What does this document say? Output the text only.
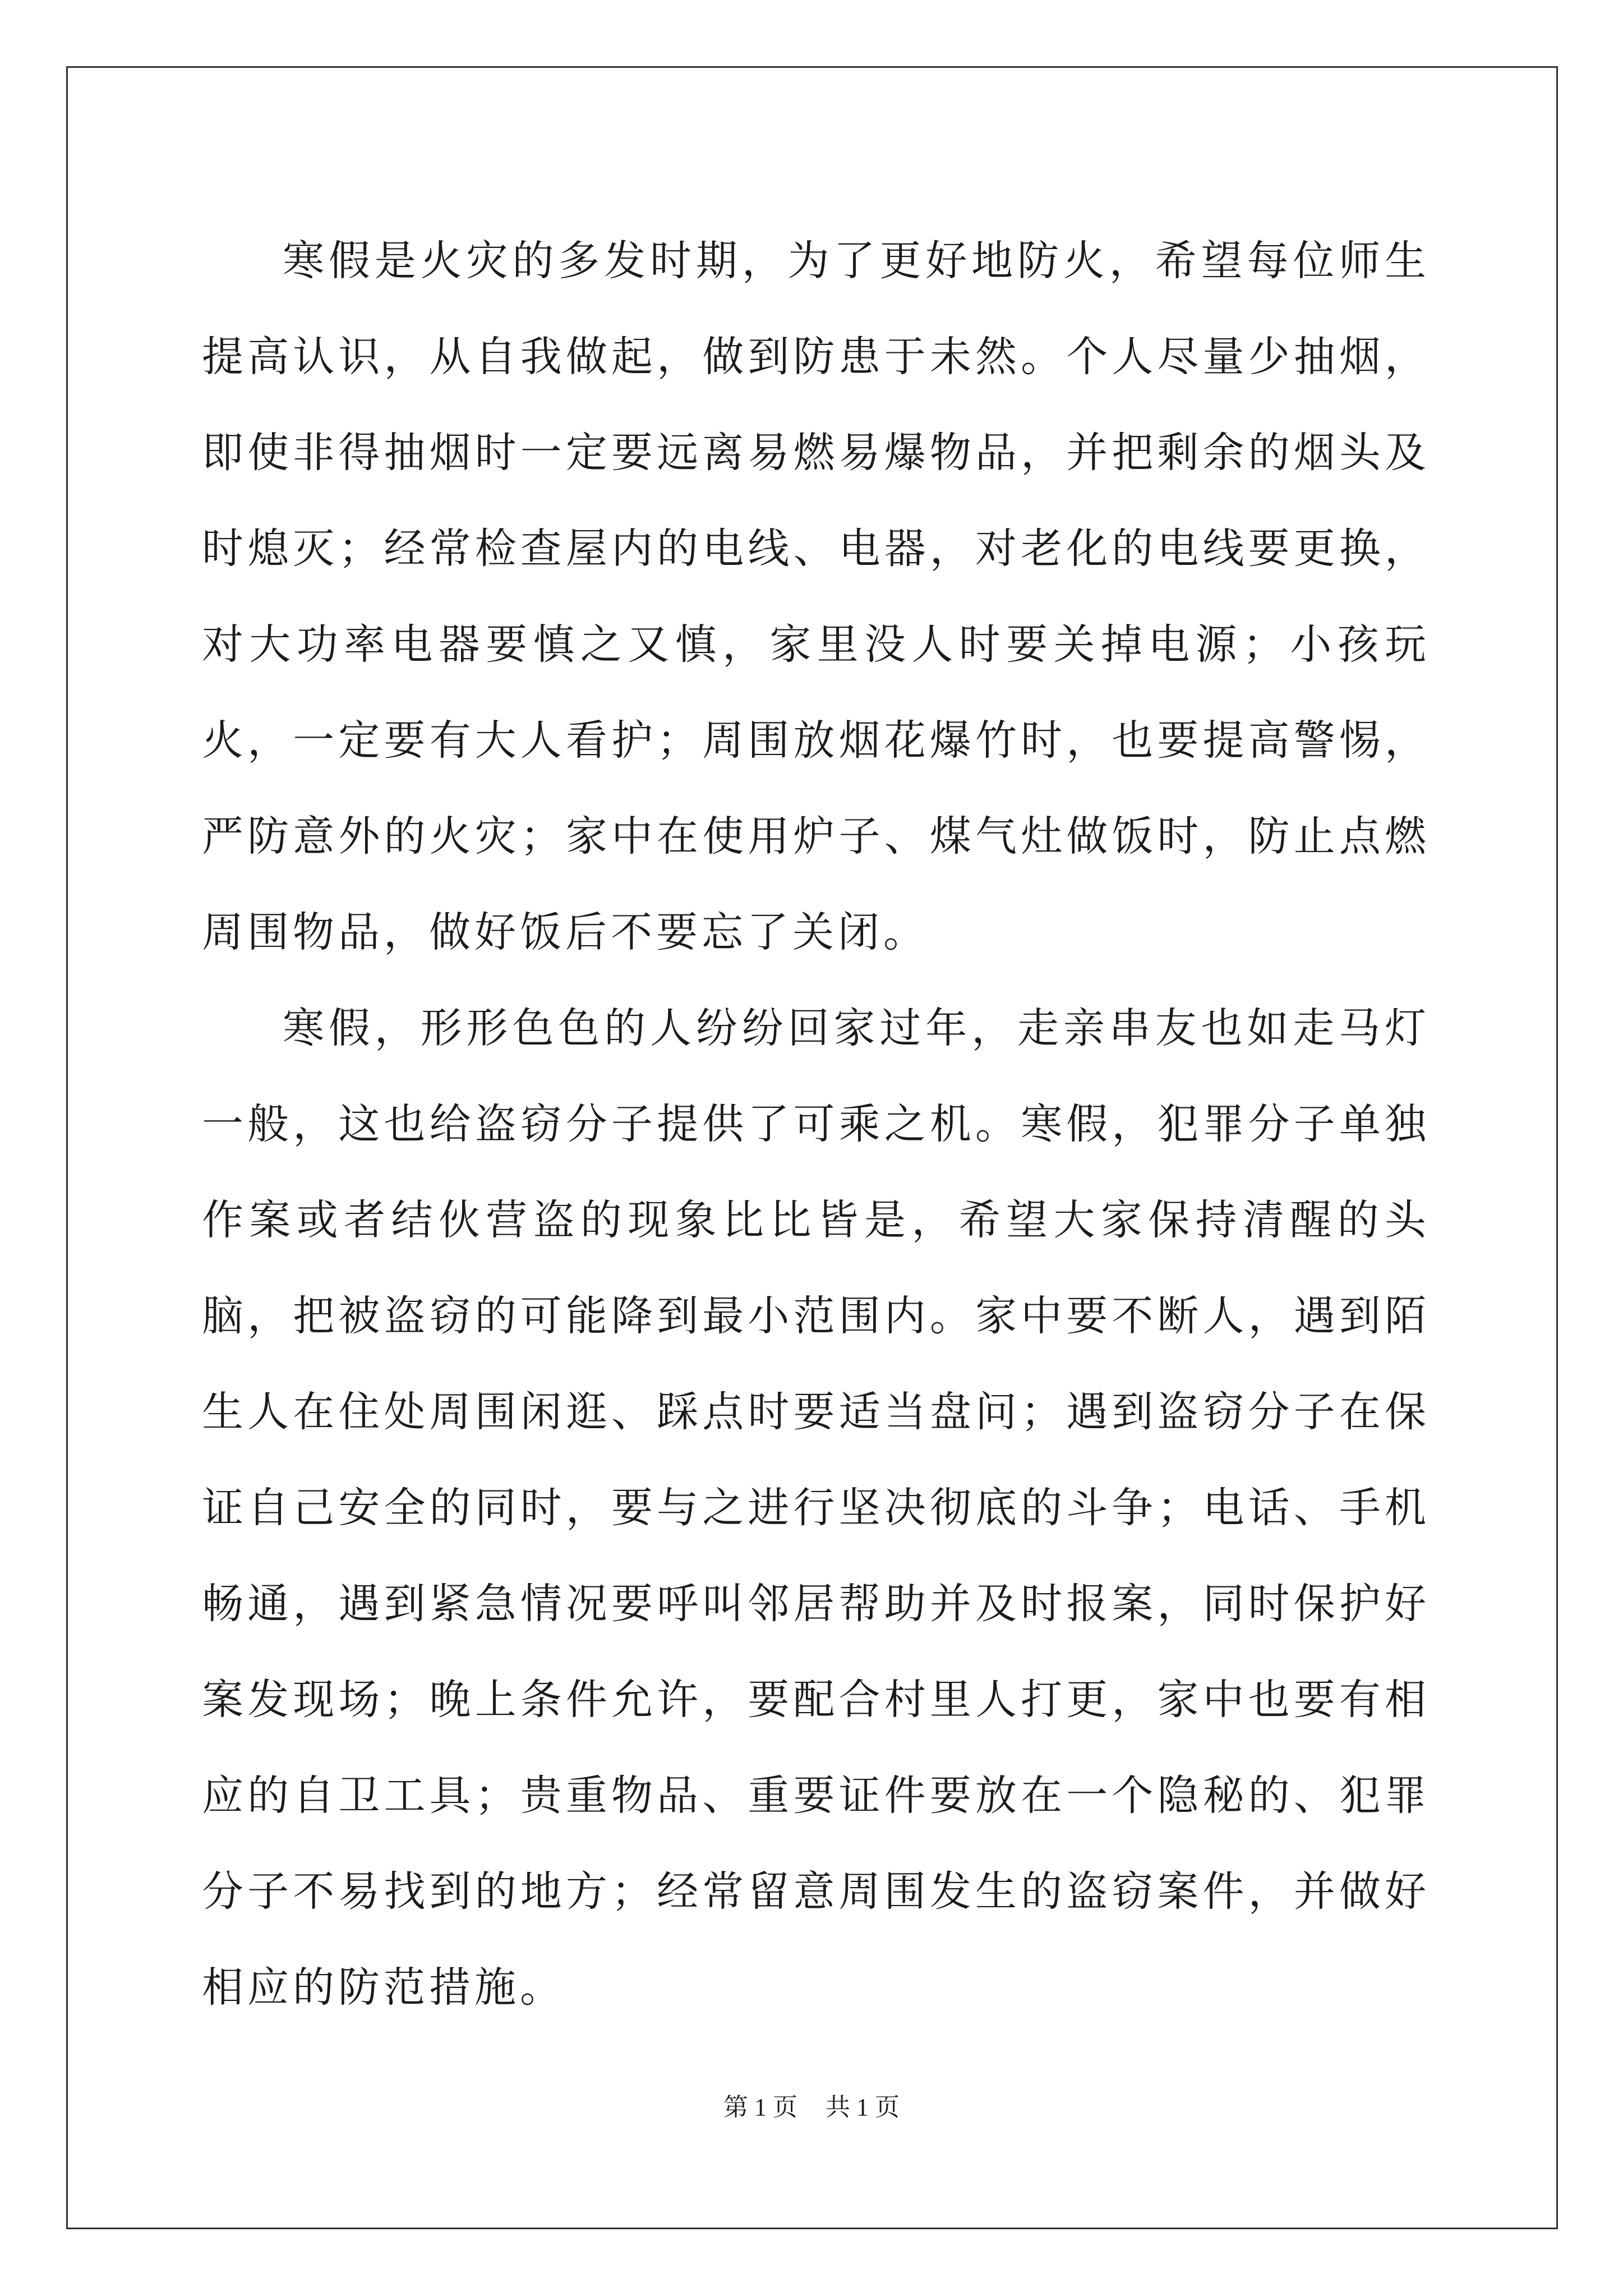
寒假是火灾的多发时期，为了更好地防火，希望每位师生提高认识，从自我做起，做到防患于未然。个人尽量少抽烟，即使非得抽烟时一定要远离易燃易爆物品，并把剩余的烟头及时熄灭；经常检查屋内的电线、电器，对老化的电线要更换，对大功率电器要慎之又慎，家里没人时要关掉电源；小孩玩火，一定要有大人看护；周围放烟花爆竹时，也要提高警惕，严防意外的火灾；家中在使用炉子、煤气灶做饭时，防止点燃周围物品，做好饭后不要忘了关闭。

寒假，形形色色的人纷纷回家过年，走亲串友也如走马灯一般，这也给盗窃分子提供了可乘之机。寒假，犯罪分子单独作案或者结伙营盗的现象比比皆是，希望大家保持清醒的头脑，把被盗窃的可能降到最小范围内。家中要不断人，遇到陌生人在住处周围闲逛、踩点时要适当盘问；遇到盗窃分子在保证自己安全的同时，要与之进行坚决彻底的斗争；电话、手机畅通，遇到紧急情况要呼叫邻居帮助并及时报案，同时保护好案发现场；晚上条件允许，要配合村里人打更，家中也要有相应的自卫工具；贵重物品、重要证件要放在一个隐秘的、犯罪分子不易找到的地方；经常留意周围发生的盗窃案件，并做好相应的防范措施。

第 1 页 共 1 页
